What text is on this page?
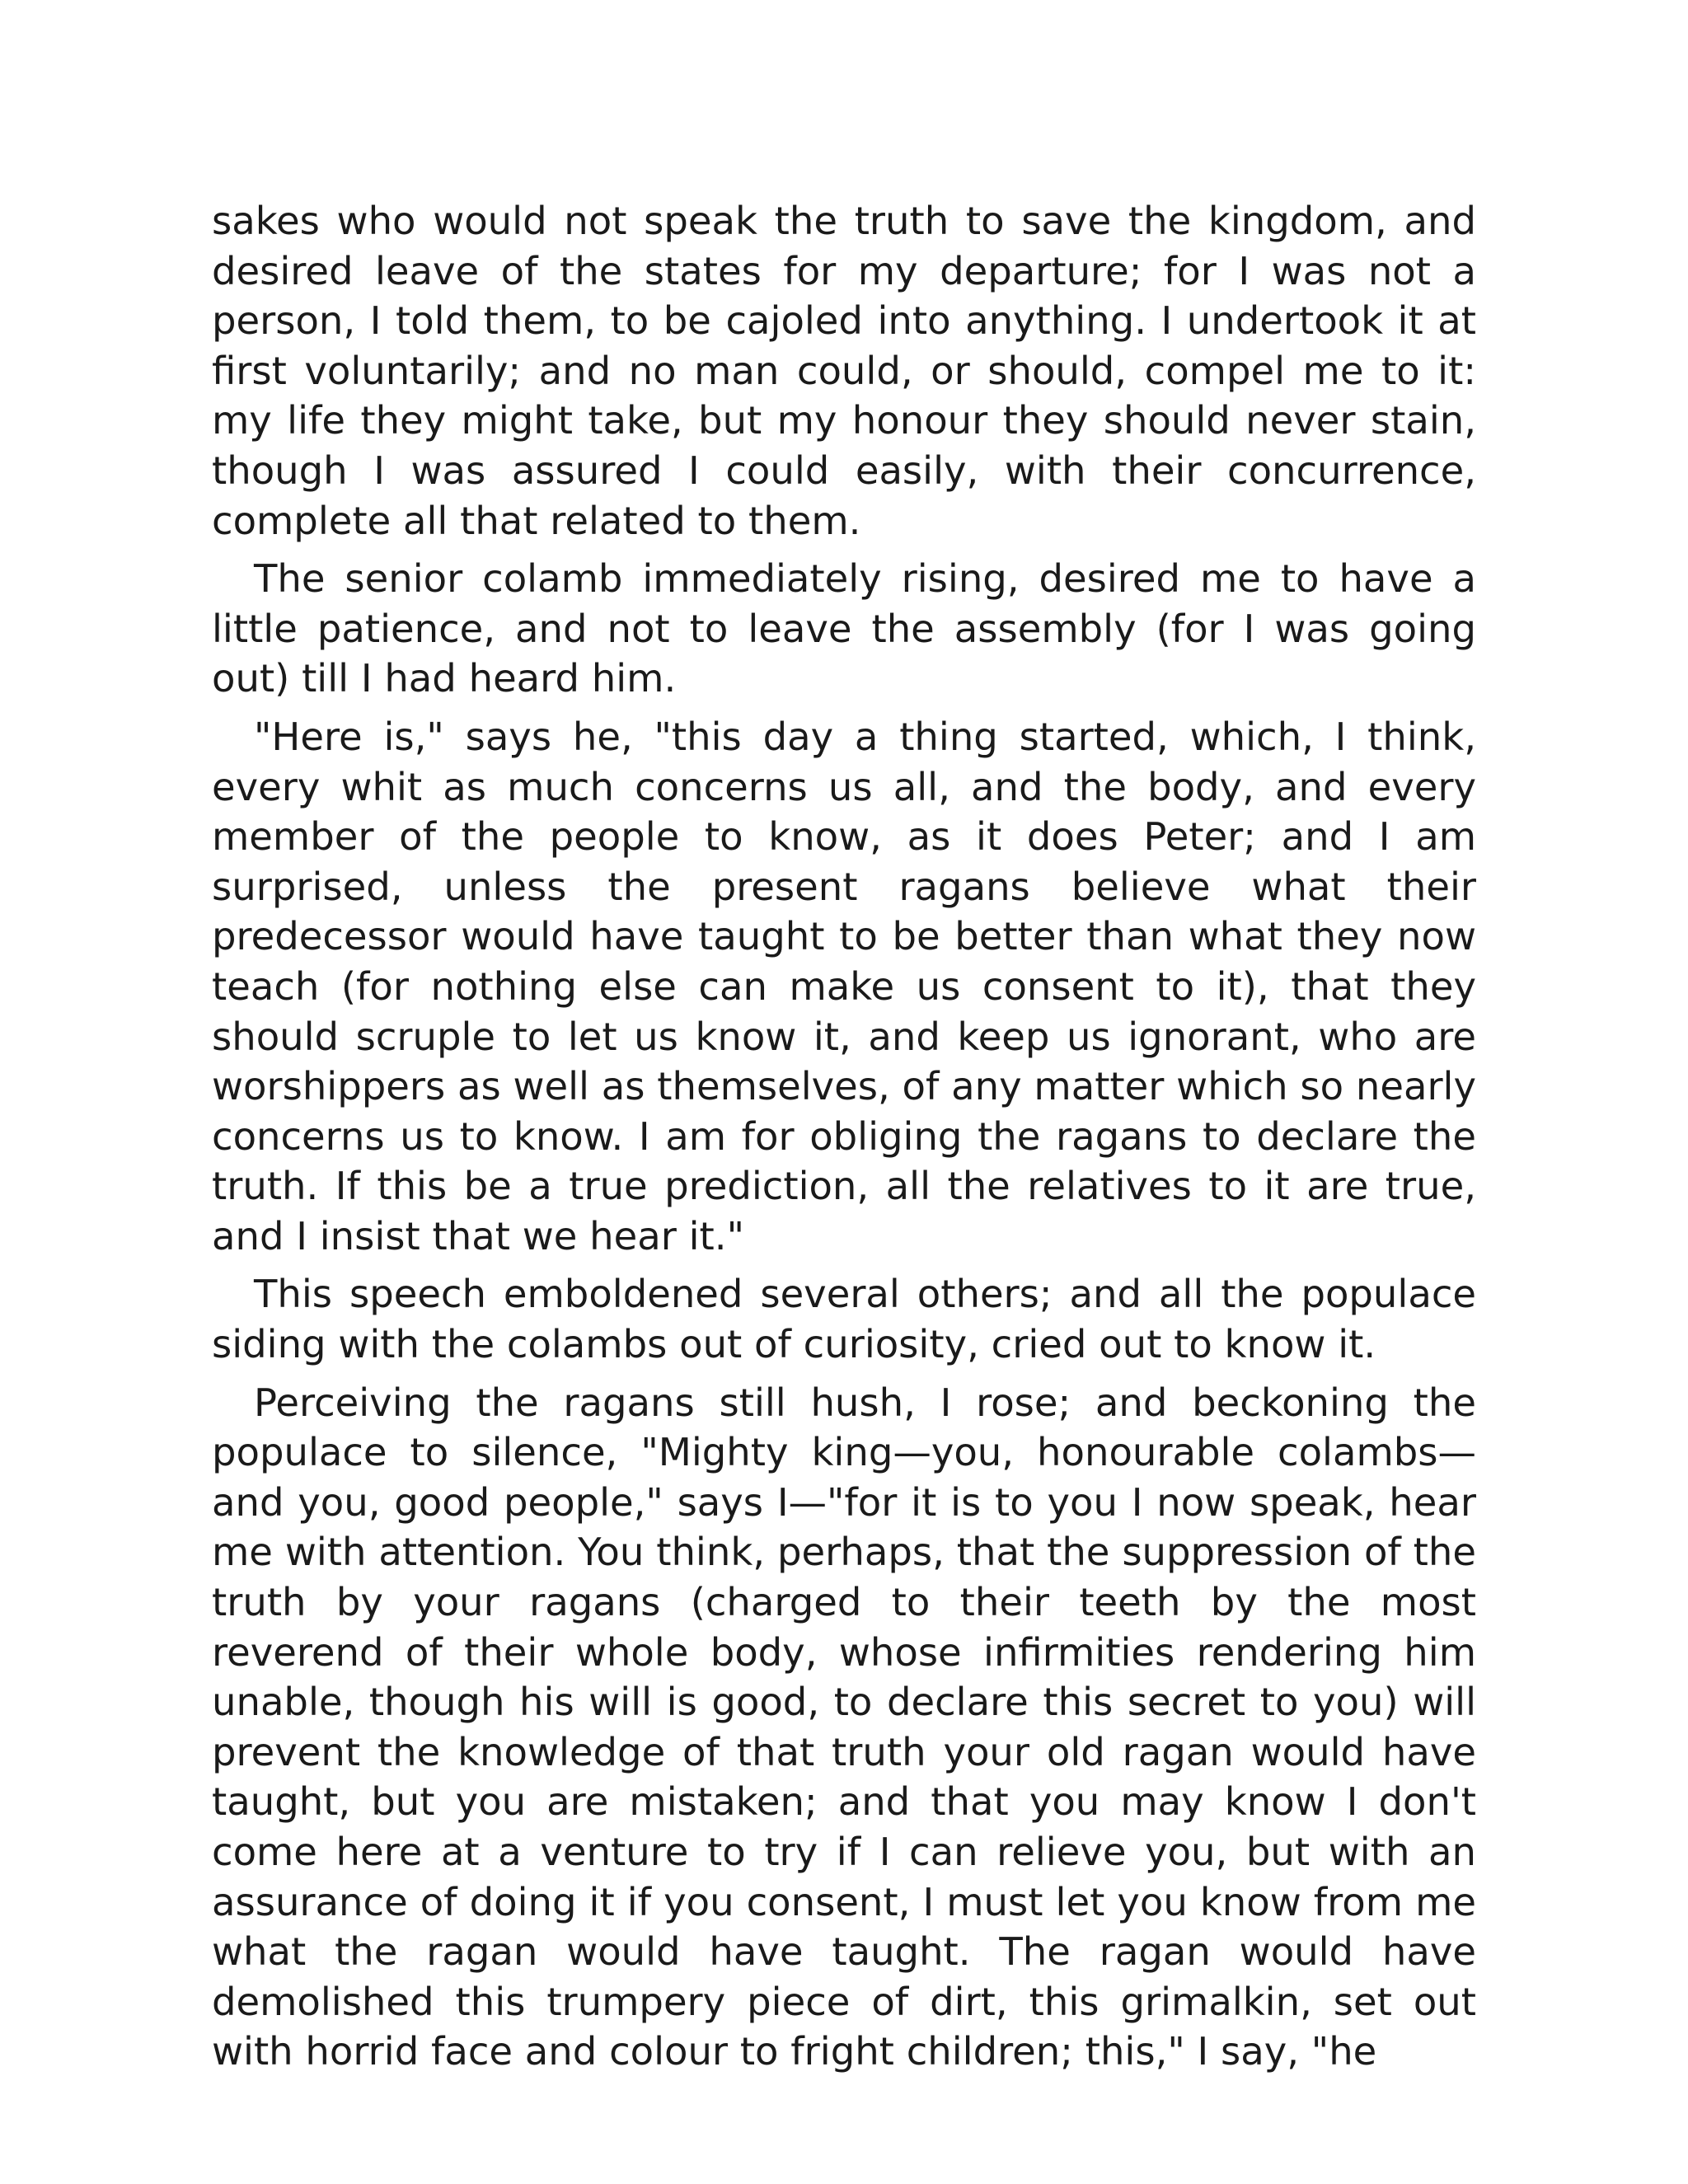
sakes who would not speak the truth to save the kingdom, and desired leave of the states for my departure; for I was not a person, I told them, to be cajoled into anything. I undertook it at first voluntarily; and no man could, or should, compel me to it: my life they might take, but my honour they should never stain, though I was assured I could easily, with their concurrence, complete all that related to them.

The senior colamb immediately rising, desired me to have a little patience, and not to leave the assembly (for I was going out) till I had heard him.

"Here is," says he, "this day a thing started, which, I think, every whit as much concerns us all, and the body, and every member of the people to know, as it does Peter; and I am surprised, unless the present ragans believe what their predecessor would have taught to be better than what they now teach (for nothing else can make us consent to it), that they should scruple to let us know it, and keep us ignorant, who are worshippers as well as themselves, of any matter which so nearly concerns us to know. I am for obliging the ragans to declare the truth. If this be a true prediction, all the relatives to it are true, and I insist that we hear it."

This speech emboldened several others; and all the populace siding with the colambs out of curiosity, cried out to know it.

Perceiving the ragans still hush, I rose; and beckoning the populace to silence, "Mighty king—you, honourable colambs—and you, good people," says I—"for it is to you I now speak, hear me with attention. You think, perhaps, that the suppression of the truth by your ragans (charged to their teeth by the most reverend of their whole body, whose infirmities rendering him unable, though his will is good, to declare this secret to you) will prevent the knowledge of that truth your old ragan would have taught, but you are mistaken; and that you may know I don't come here at a venture to try if I can relieve you, but with an assurance of doing it if you consent, I must let you know from me what the ragan would have taught. The ragan would have demolished this trumpery piece of dirt, this grimalkin, set out with horrid face and colour to fright children; this," I say, "he
